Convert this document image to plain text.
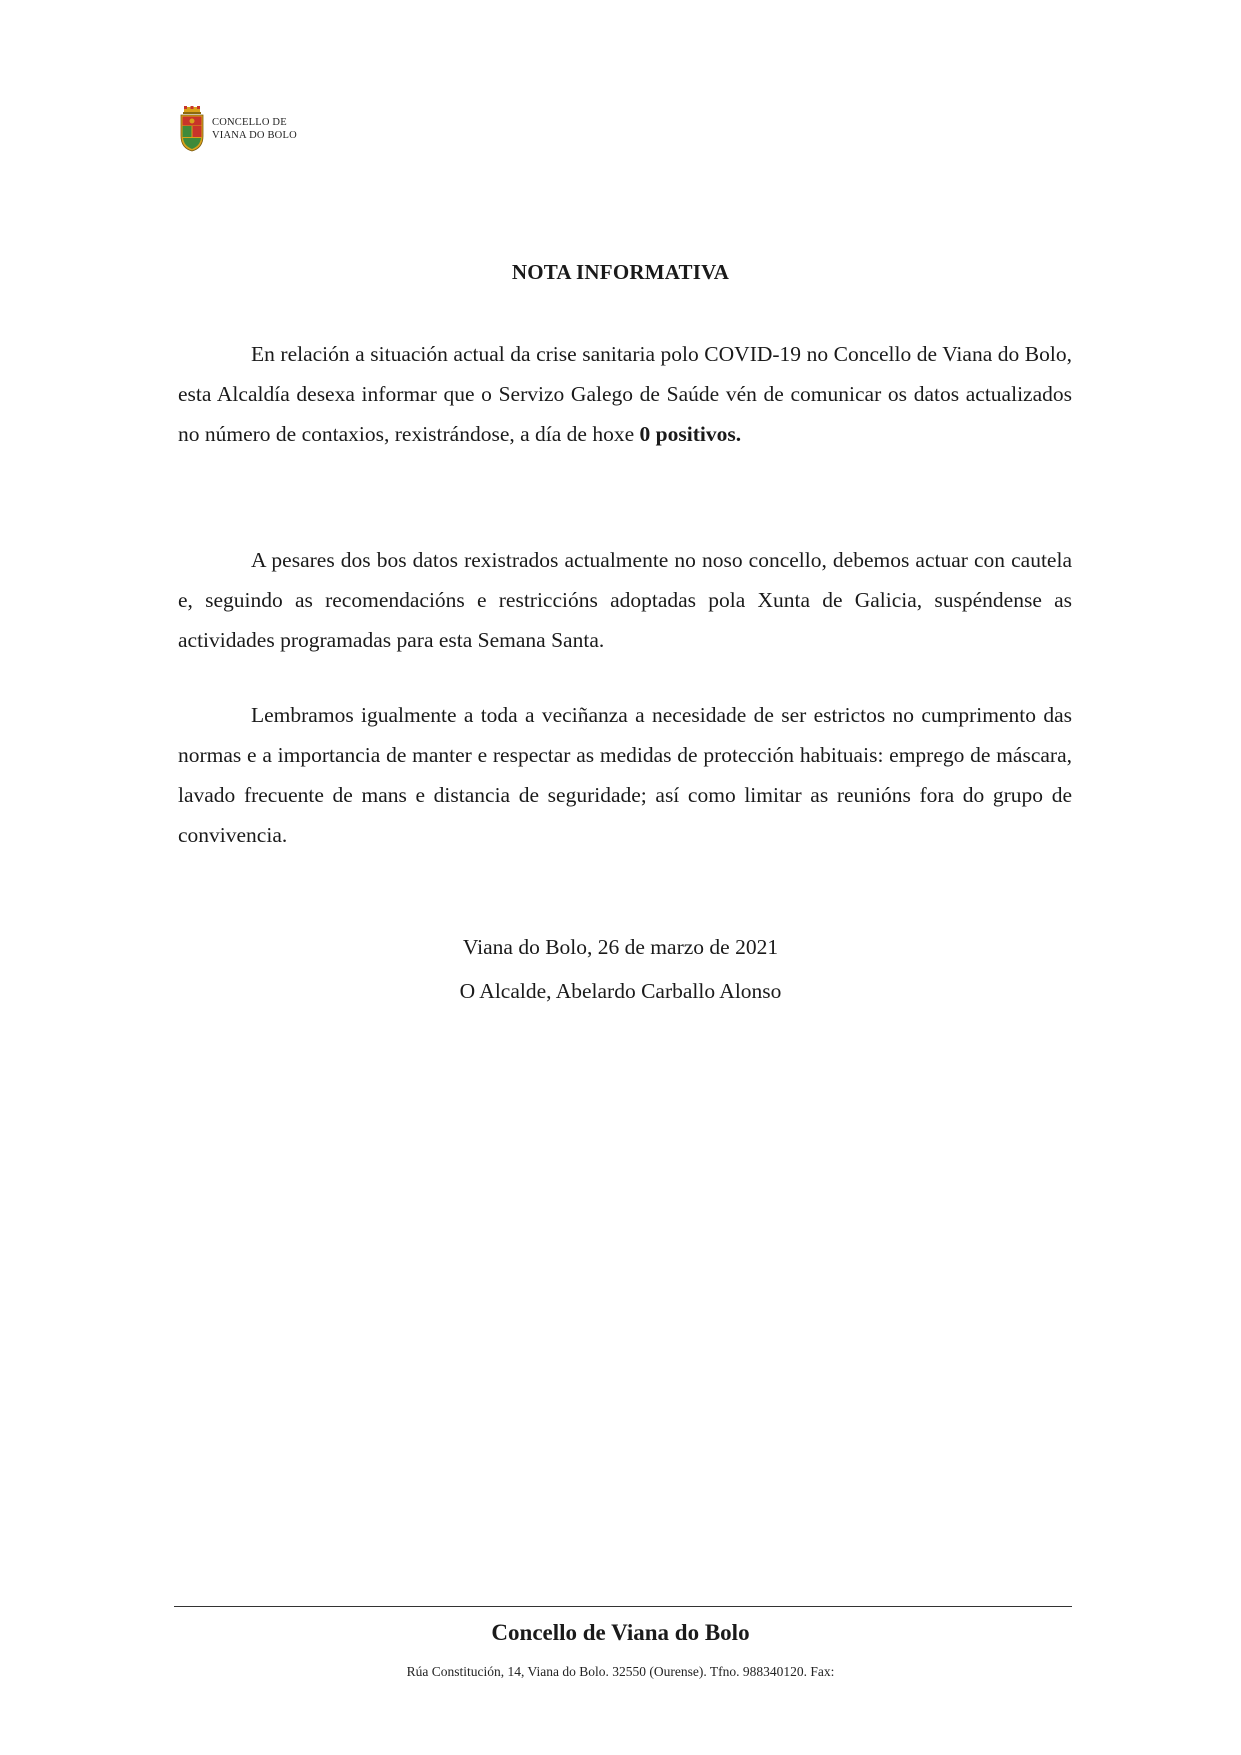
CONCELLO DE
VIANA DO BOLO
NOTA INFORMATIVA

En relación a situación actual da crise sanitaria polo COVID-19 no Concello de Viana do Bolo, esta Alcaldía desexa informar que o Servizo Galego de Saúde vén de comunicar os datos actualizados no número de contaxios, rexistrándose, a día de hoxe 0 positivos.

A pesares dos bos datos rexistrados actualmente no noso concello, debemos actuar con cautela e, seguindo as recomendacións e restriccións adoptadas pola Xunta de Galicia, suspéndense as actividades programadas para esta Semana Santa.

Lembramos igualmente a toda a veciñanza a necesidade de ser estrictos no cumprimento das normas e a importancia de manter e respectar as medidas de protección habituais: emprego de máscara, lavado frecuente de mans e distancia de seguridade; así como limitar as reunións fora do grupo de convivencia.

Viana do Bolo, 26 de marzo de 2021
O Alcalde, Abelardo Carballo Alonso
Concello de Viana do Bolo
Rúa Constitución, 14, Viana do Bolo. 32550 (Ourense). Tfno. 988340120. Fax:
